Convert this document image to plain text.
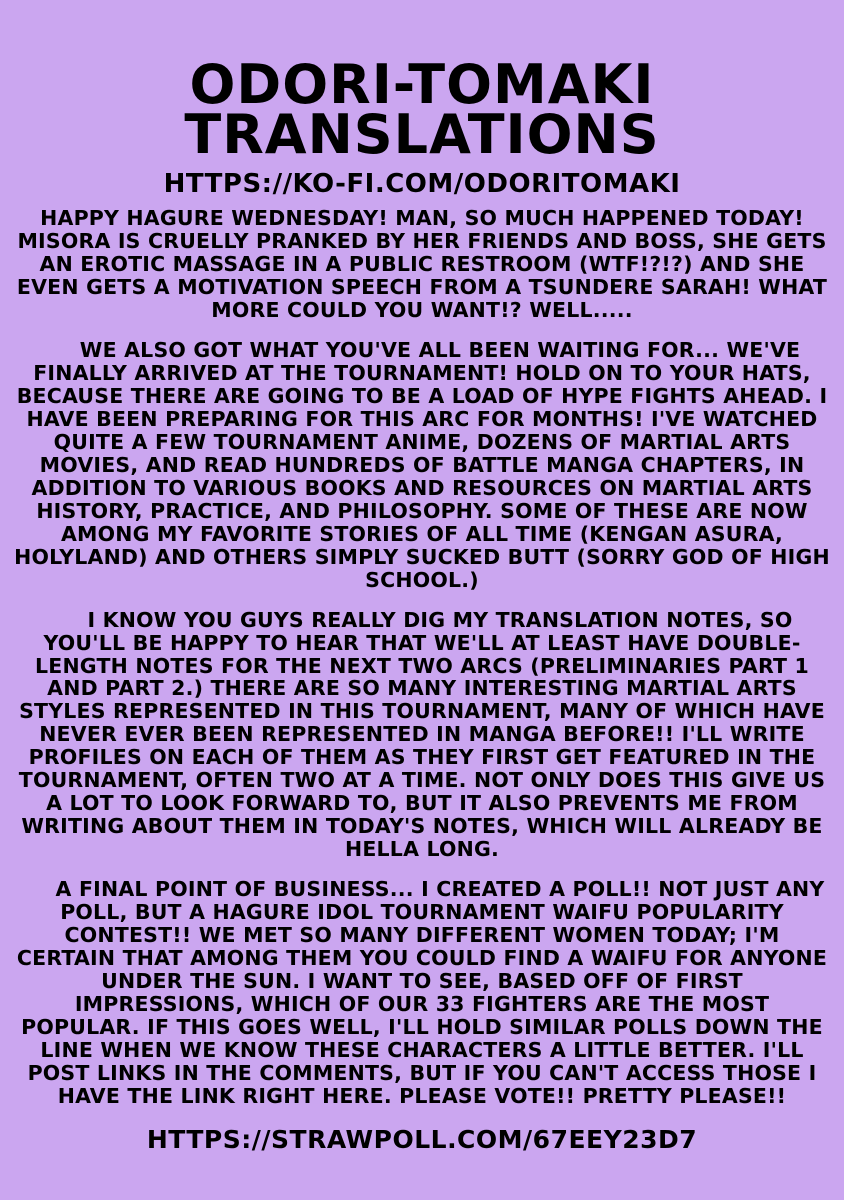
ODORI-TOMAKI
TRANSLATIONS
HTTPS://KO-FI.COM/ODORITOMAKI
HAPPY HAGURE WEDNESDAY! MAN, SO MUCH HAPPENED TODAY! MISORA IS CRUELLY PRANKED BY HER FRIENDS AND BOSS, SHE GETS AN EROTIC MASSAGE IN A PUBLIC RESTROOM (WTF!?!?) AND SHE EVEN GETS A MOTIVATION SPEECH FROM A TSUNDERE SARAH! WHAT MORE COULD YOU WANT!? WELL.....
WE ALSO GOT WHAT YOU'VE ALL BEEN WAITING FOR... WE'VE FINALLY ARRIVED AT THE TOURNAMENT! HOLD ON TO YOUR HATS, BECAUSE THERE ARE GOING TO BE A LOAD OF HYPE FIGHTS AHEAD. I HAVE BEEN PREPARING FOR THIS ARC FOR MONTHS! I'VE WATCHED QUITE A FEW TOURNAMENT ANIME, DOZENS OF MARTIAL ARTS MOVIES, AND READ HUNDREDS OF BATTLE MANGA CHAPTERS, IN ADDITION TO VARIOUS BOOKS AND RESOURCES ON MARTIAL ARTS HISTORY, PRACTICE, AND PHILOSOPHY. SOME OF THESE ARE NOW AMONG MY FAVORITE STORIES OF ALL TIME (KENGAN ASURA, HOLYLAND) AND OTHERS SIMPLY SUCKED BUTT (SORRY GOD OF HIGH SCHOOL.)
I KNOW YOU GUYS REALLY DIG MY TRANSLATION NOTES, SO YOU'LL BE HAPPY TO HEAR THAT WE'LL AT LEAST HAVE DOUBLE-LENGTH NOTES FOR THE NEXT TWO ARCS (PRELIMINARIES PART 1 AND PART 2.) THERE ARE SO MANY INTERESTING MARTIAL ARTS STYLES REPRESENTED IN THIS TOURNAMENT, MANY OF WHICH HAVE NEVER EVER BEEN REPRESENTED IN MANGA BEFORE!! I'LL WRITE PROFILES ON EACH OF THEM AS THEY FIRST GET FEATURED IN THE TOURNAMENT, OFTEN TWO AT A TIME. NOT ONLY DOES THIS GIVE US A LOT TO LOOK FORWARD TO, BUT IT ALSO PREVENTS ME FROM WRITING ABOUT THEM IN TODAY'S NOTES, WHICH WILL ALREADY BE HELLA LONG.
A FINAL POINT OF BUSINESS... I CREATED A POLL!! NOT JUST ANY POLL, BUT A HAGURE IDOL TOURNAMENT WAIFU POPULARITY CONTEST!! WE MET SO MANY DIFFERENT WOMEN TODAY; I'M CERTAIN THAT AMONG THEM YOU COULD FIND A WAIFU FOR ANYONE UNDER THE SUN. I WANT TO SEE, BASED OFF OF FIRST IMPRESSIONS, WHICH OF OUR 33 FIGHTERS ARE THE MOST POPULAR. IF THIS GOES WELL, I'LL HOLD SIMILAR POLLS DOWN THE LINE WHEN WE KNOW THESE CHARACTERS A LITTLE BETTER. I'LL POST LINKS IN THE COMMENTS, BUT IF YOU CAN'T ACCESS THOSE I HAVE THE LINK RIGHT HERE. PLEASE VOTE!! PRETTY PLEASE!!
HTTPS://STRAWPOLL.COM/67EEY23D7
